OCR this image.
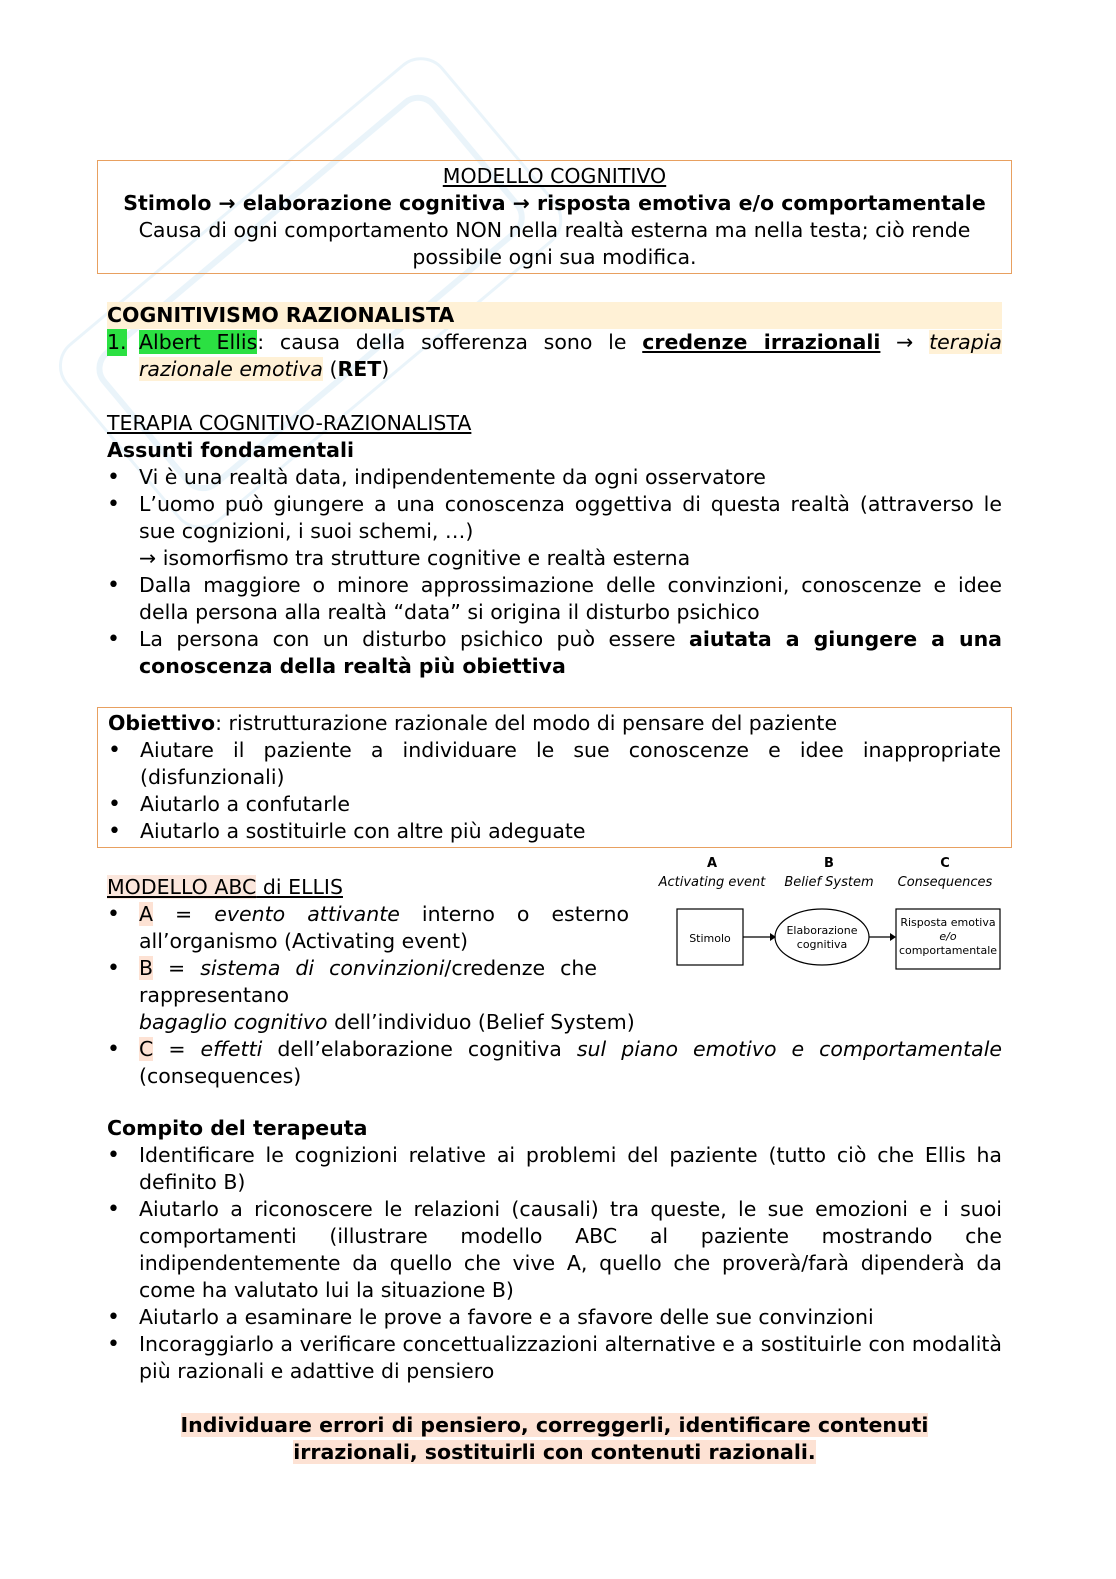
MODELLO COGNITIVO
Stimolo → elaborazione cognitiva → risposta emotiva e/o comportamentale
Causa di ogni comportamento NON nella realtà esterna ma nella testa; ciò rende possibile ogni sua modifica.
COGNITIVISMO RAZIONALISTA
1. Albert Ellis: causa della sofferenza sono le credenze irrazionali → terapia razionale emotiva (RET)
TERAPIA COGNITIVO-RAZIONALISTA
Assunti fondamentali
• Vi è una realtà data, indipendentemente da ogni osservatore
• L’uomo può giungere a una conoscenza oggettiva di questa realtà (attraverso le sue cognizioni, i suoi schemi, …)
→ isomorfismo tra strutture cognitive e realtà esterna
• Dalla maggiore o minore approssimazione delle convinzioni, conoscenze e idee della persona alla realtà “data” si origina il disturbo psichico
• La persona con un disturbo psichico può essere aiutata a giungere a una conoscenza della realtà più obiettiva
Obiettivo: ristrutturazione razionale del modo di pensare del paziente
• Aiutare il paziente a individuare le sue conoscenze e idee inappropriate (disfunzionali)
• Aiutarlo a confutarle
• Aiutarlo a sostituirle con altre più adeguate
A
Activating event
B
Belief System
C
Consequences
Stimolo
Elaborazione
cognitiva
Risposta emotiva
e/o
comportamentale
MODELLO ABC di ELLIS
• A = evento attivante interno o esterno all’organismo (Activating event)
• B = sistema di convinzioni/credenze che rappresentano
bagaglio cognitivo dell’individuo (Belief System)
• C = effetti dell’elaborazione cognitiva sul piano emotivo e comportamentale (consequences)
Compito del terapeuta
• Identificare le cognizioni relative ai problemi del paziente (tutto ciò che Ellis ha definito B)
• Aiutarlo a riconoscere le relazioni (causali) tra queste, le sue emozioni e i suoi comportamenti (illustrare modello ABC al paziente mostrando che indipendentemente da quello che vive A, quello che proverà/farà dipenderà da come ha valutato lui la situazione B)
• Aiutarlo a esaminare le prove a favore e a sfavore delle sue convinzioni
• Incoraggiarlo a verificare concettualizzazioni alternative e a sostituirle con modalità più razionali e adattive di pensiero
Individuare errori di pensiero, correggerli, identificare contenuti
irrazionali, sostituirli con contenuti razionali.
